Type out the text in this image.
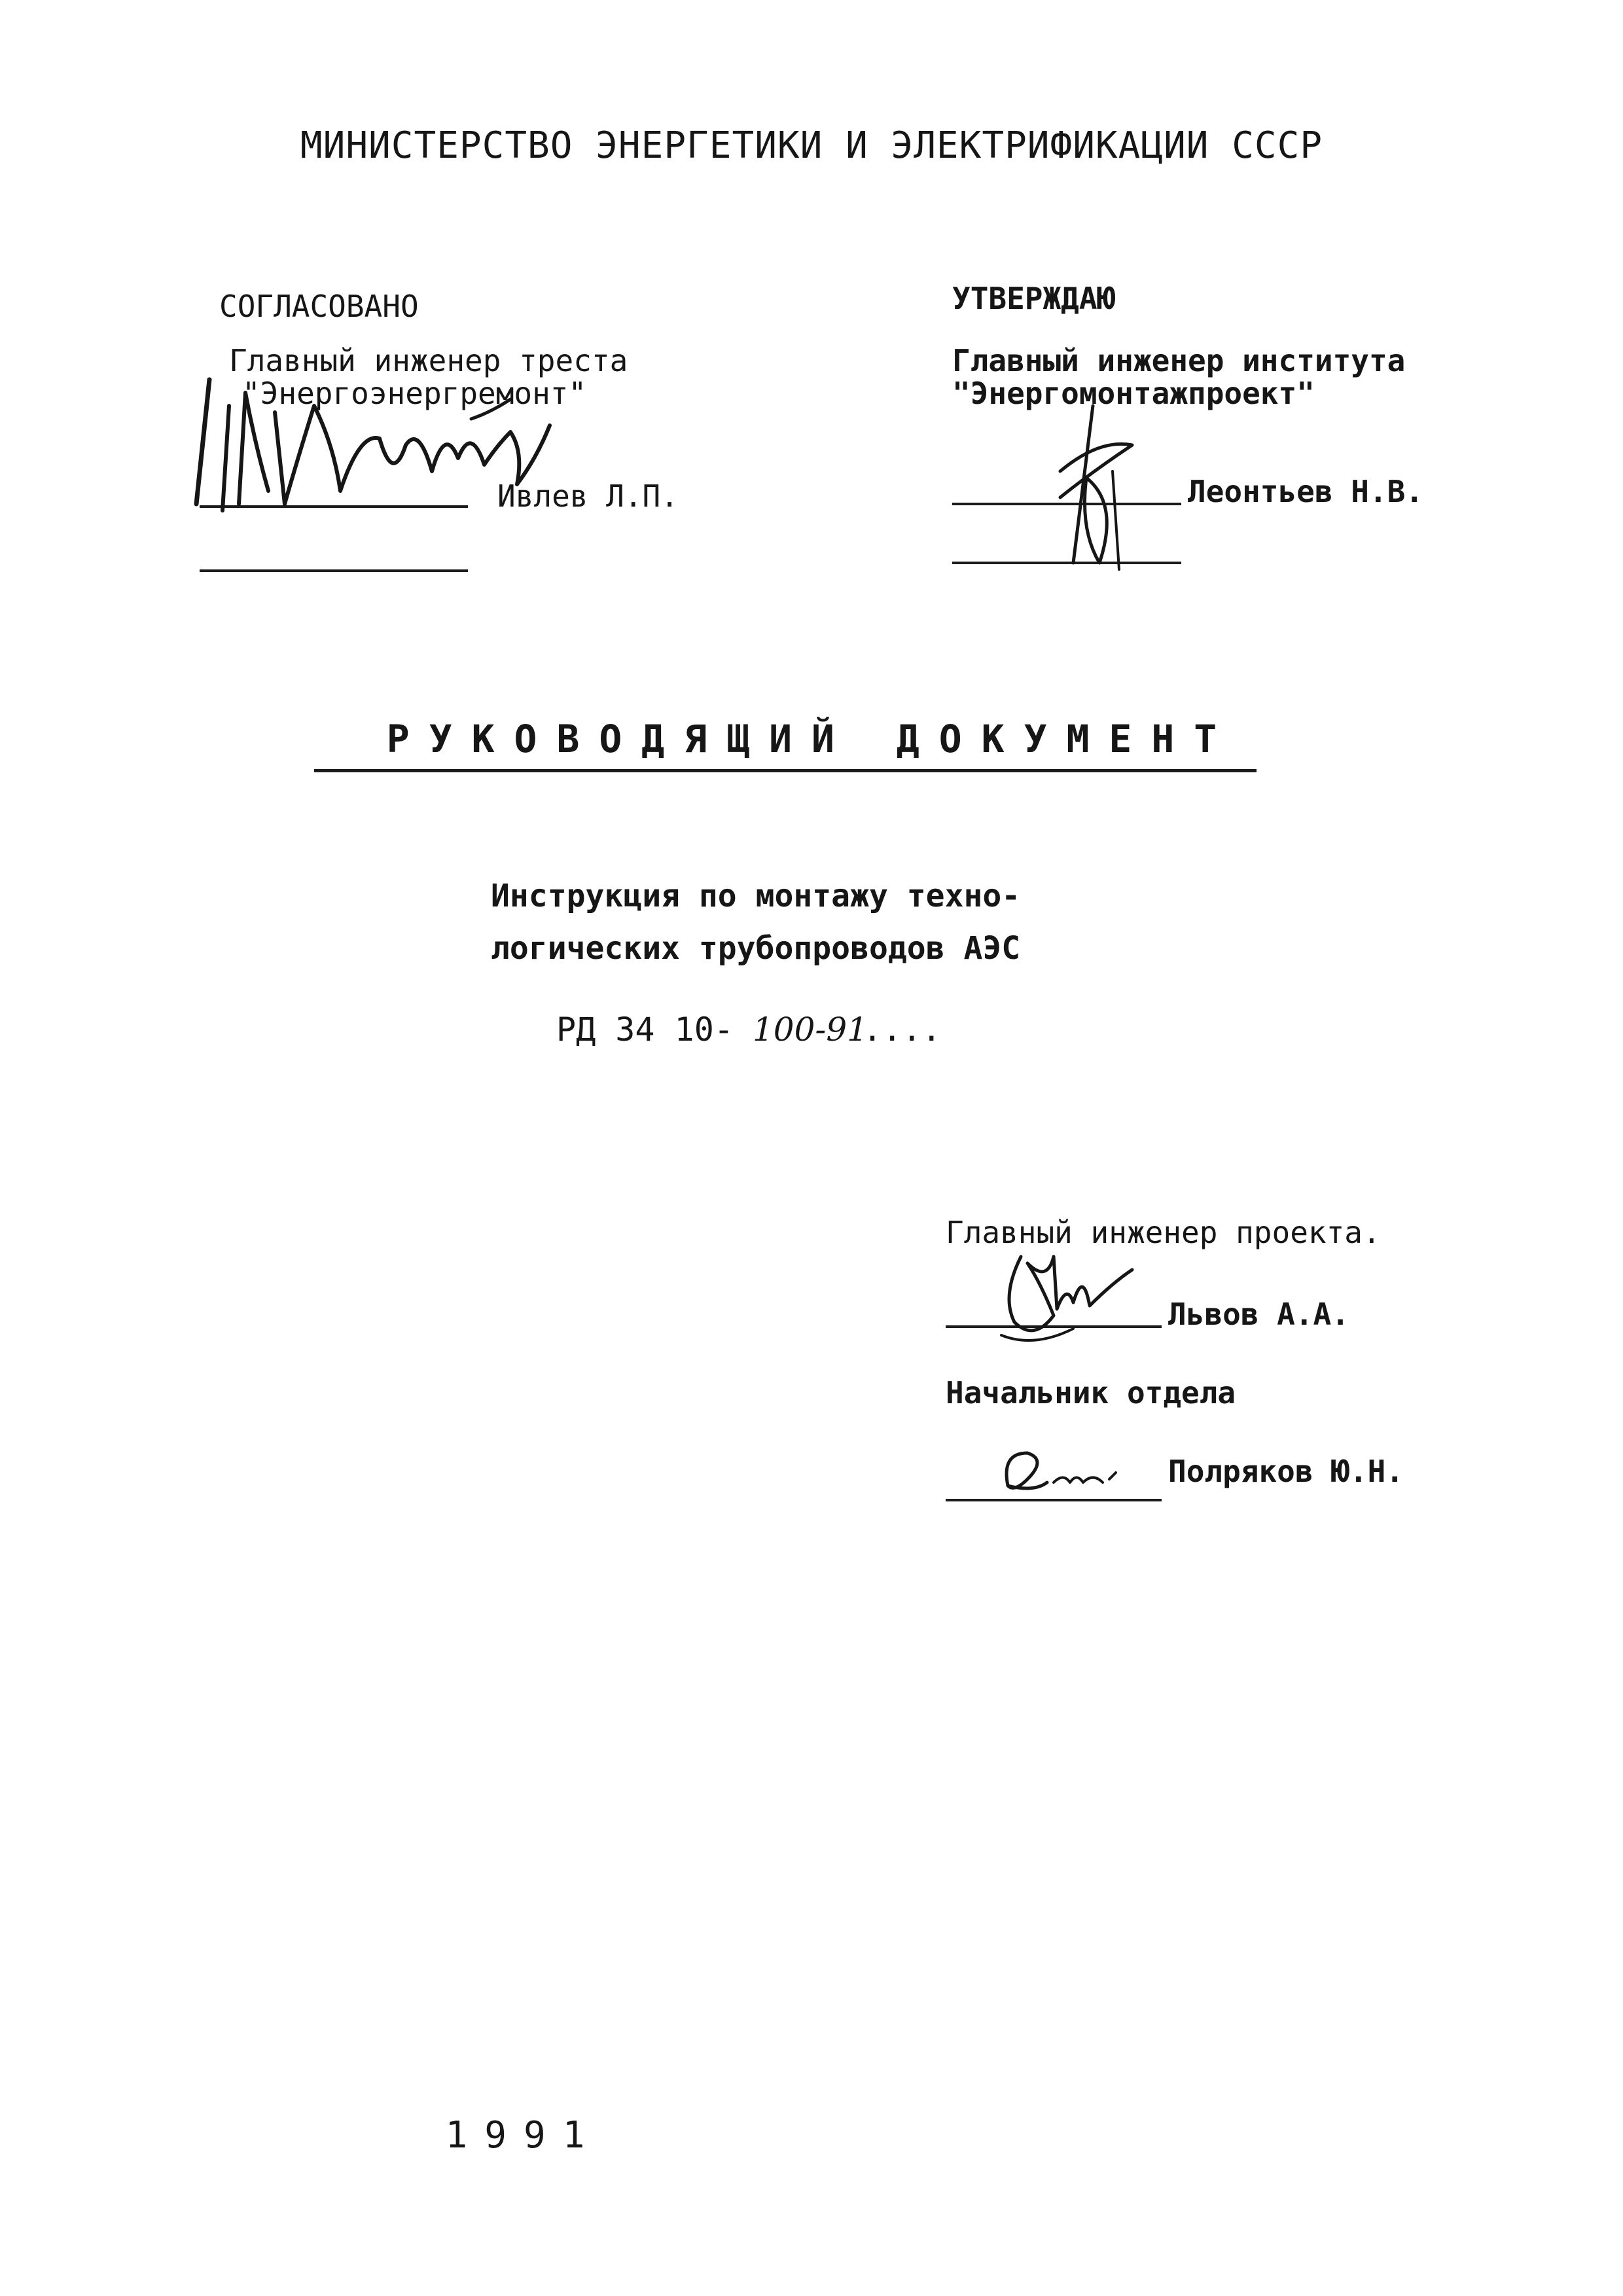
МИНИСТЕРСТВО ЭНЕРГЕТИКИ И ЭЛЕКТРИФИКАЦИИ СССР
СОГЛАСОВАНО
Главный инженер треста
"Энергоэнергремонт"
Ивлев Л.П.
УТВЕРЖДАЮ
Главный инженер института
"Энергомонтажпроект"
Леонтьев Н.В.
РУКОВОДЯЩИЙ ДОКУМЕНТ
Инструкция по монтажу техно-
логических трубопроводов АЭС
РД 34 10- 100-91
....
Главный инженер проекта.
Львов А.А.
Начальник отдела
Полряков Ю.Н.
1991
